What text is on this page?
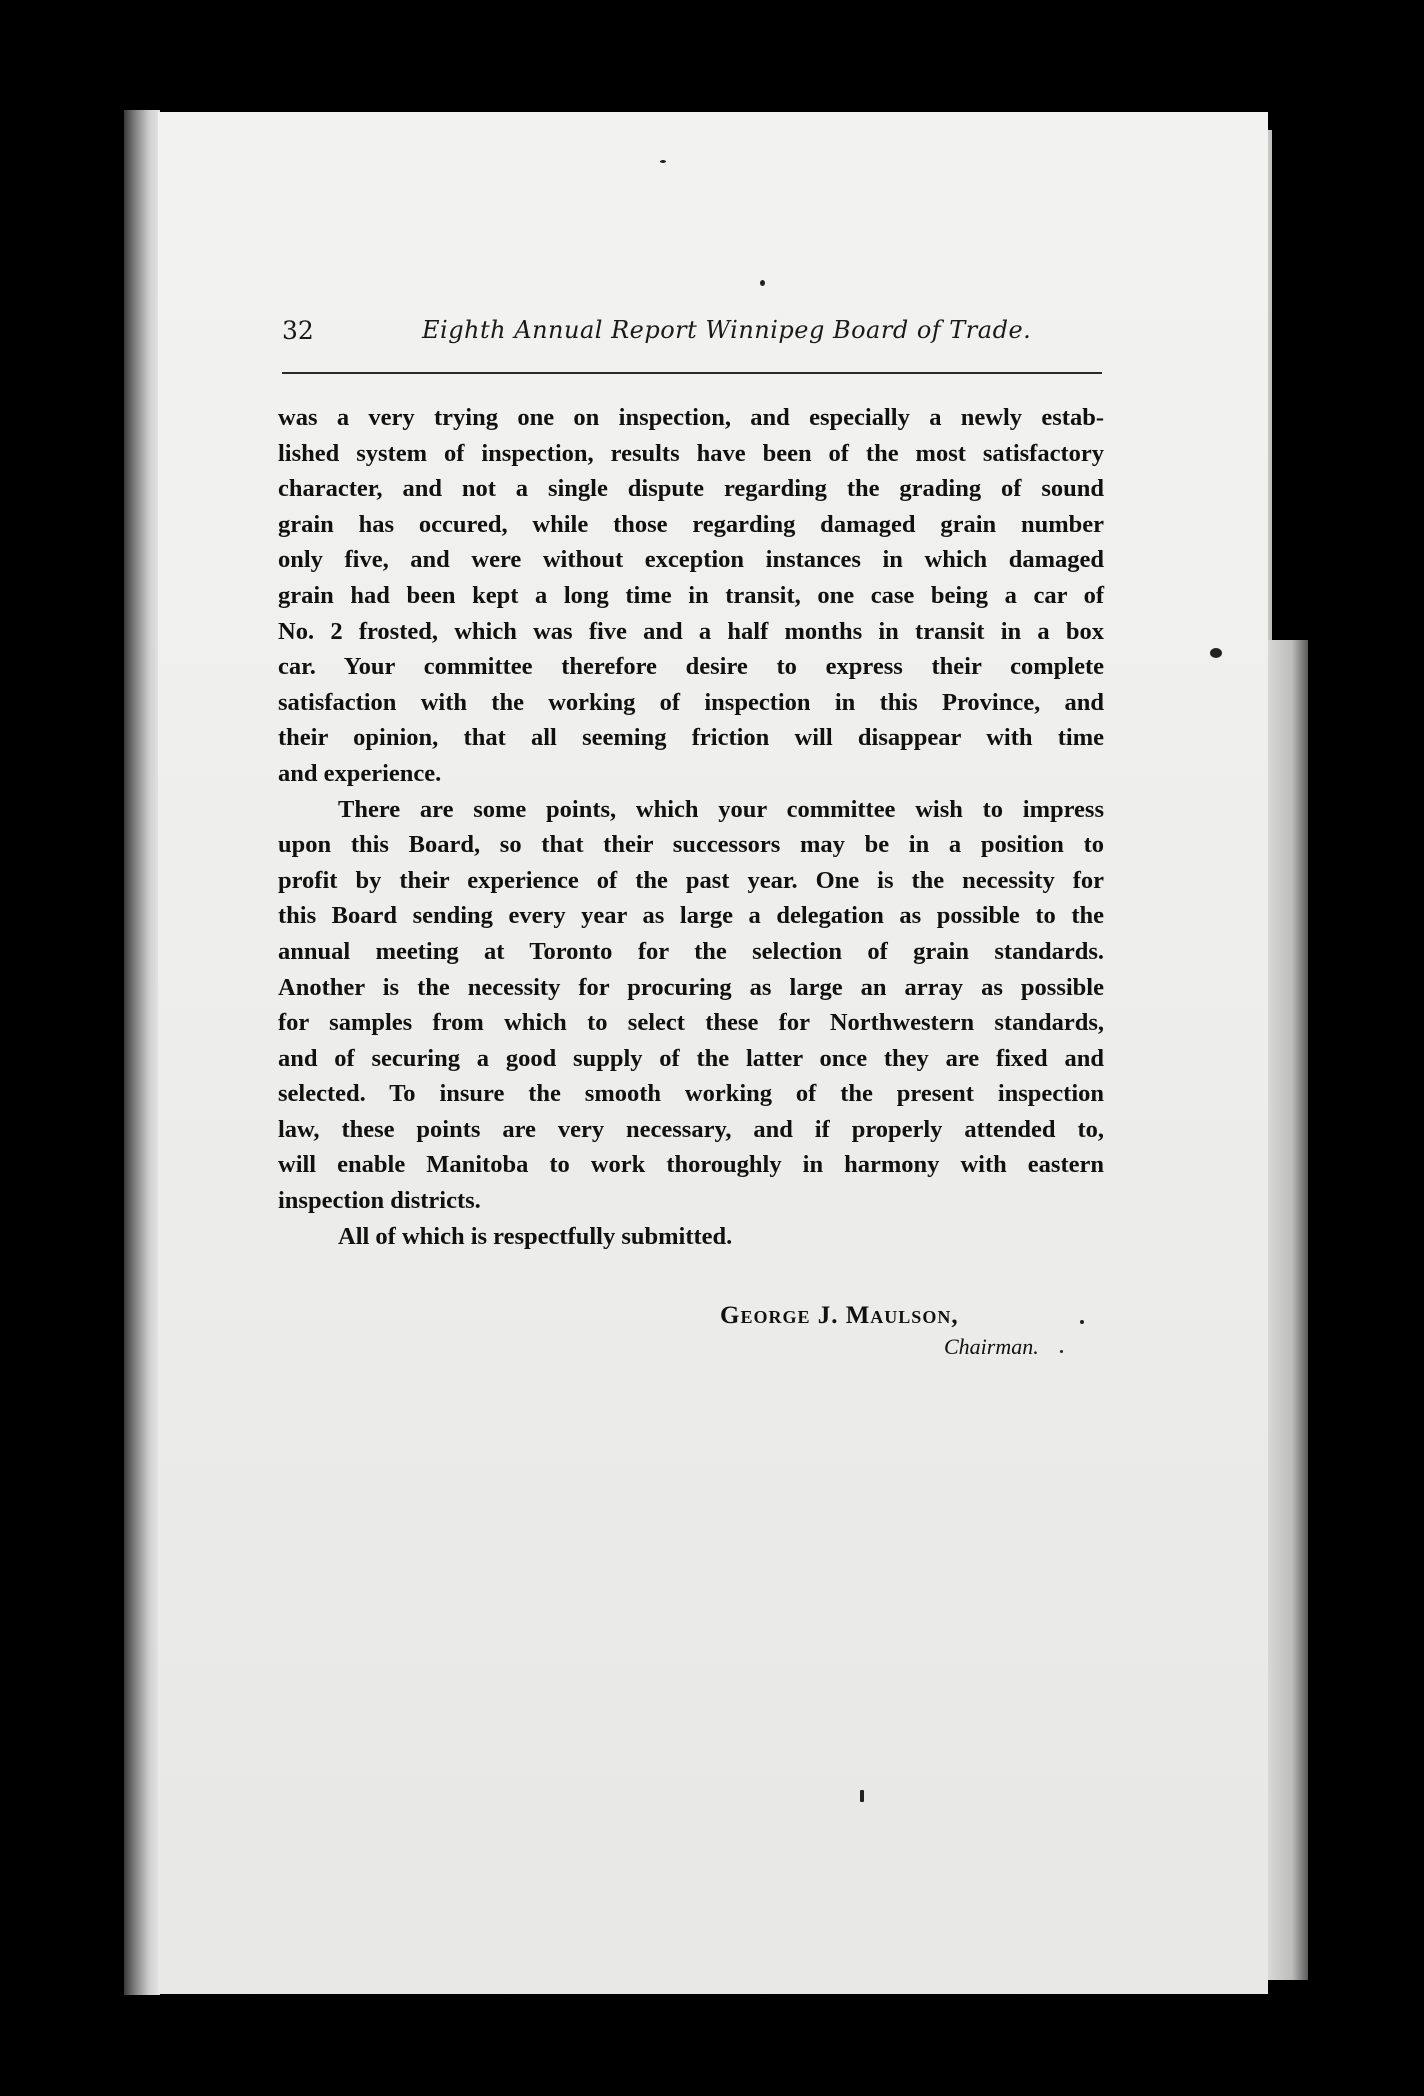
32	Eighth Annual Report Winnipeg Board of Trade.
was a very trying one on inspection, and especially a newly estab-
lished system of inspection, results have been of the most satisfactory
character, and not a single dispute regarding the grading of sound
grain has occured, while those regarding damaged grain number
only five, and were without exception instances in which damaged
grain had been kept a long time in transit, one case being a car of
No. 2 frosted, which was five and a half months in transit in a box
car. Your committee therefore desire to express their complete
satisfaction with the working of inspection in this Province, and
their opinion, that all seeming friction will disappear with time
and experience.
There are some points, which your committee wish to impress
upon this Board, so that their successors may be in a position to
profit by their experience of the past year. One is the necessity for
this Board sending every year as large a delegation as possible to the
annual meeting at Toronto for the selection of grain standards.
Another is the necessity for procuring as large an array as possible
for samples from which to select these for Northwestern standards,
and of securing a good supply of the latter once they are fixed and
selected. To insure the smooth working of the present inspection
law, these points are very necessary, and if properly attended to,
will enable Manitoba to work thoroughly in harmony with eastern
inspection districts.
All of which is respectfully submitted.
George J. Maulson,
Chairman.
